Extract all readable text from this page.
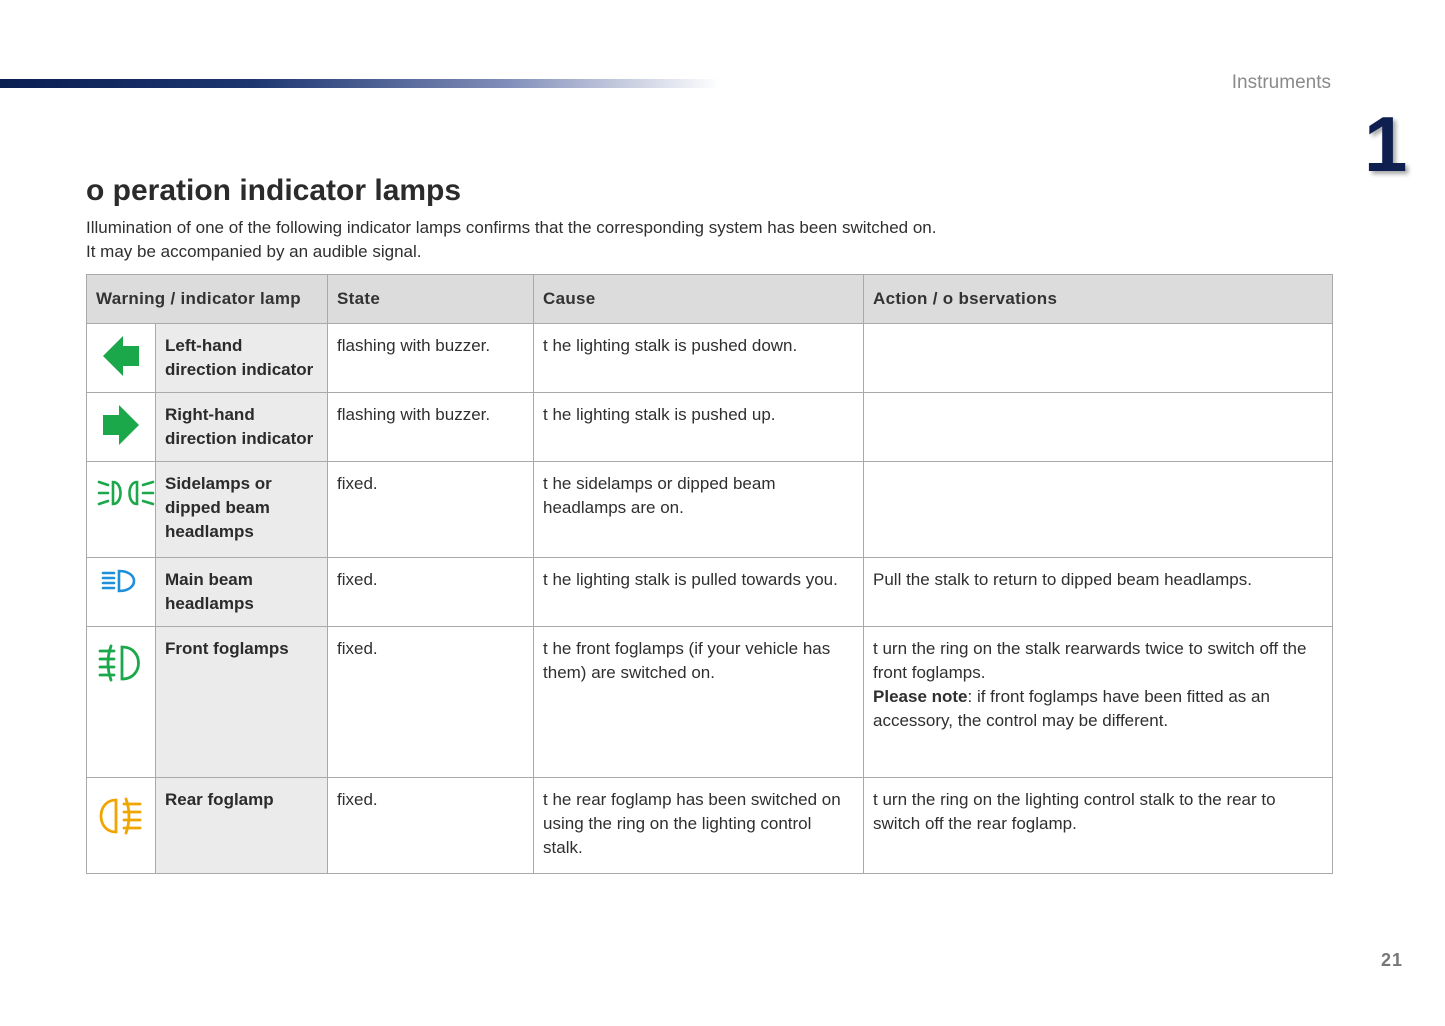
Instruments
1
o peration indicator lamps

Illumination of one of the following indicator lamps confirms that the corresponding system has been switched on.

It may be accompanied by an audible signal.

Warning / indicator lamp		State	Cause	Action / o bservations

	Left-hand direction indicator	flashing with buzzer.	t he lighting stalk is pushed down.	

	Right-hand direction indicator	flashing with buzzer.	t he lighting stalk is pushed up.	

	Sidelamps or dipped beam headlamps	fixed.	t he sidelamps or dipped beam headlamps are on.	

	Main beam headlamps	fixed.	t he lighting stalk is pulled towards you.	Pull the stalk to return to dipped beam headlamps.

	Front foglamps	fixed.	t he front foglamps (if your vehicle has them) are switched on.	t urn the ring on the stalk rearwards twice to switch off the front foglamps.
Please note: if front foglamps have been fitted as an accessory, the control may be different.

	Rear foglamp	fixed.	t he rear foglamp has been switched on using the ring on the lighting control stalk.	t urn the ring on the lighting control stalk to the rear to switch off the rear foglamp.
21
